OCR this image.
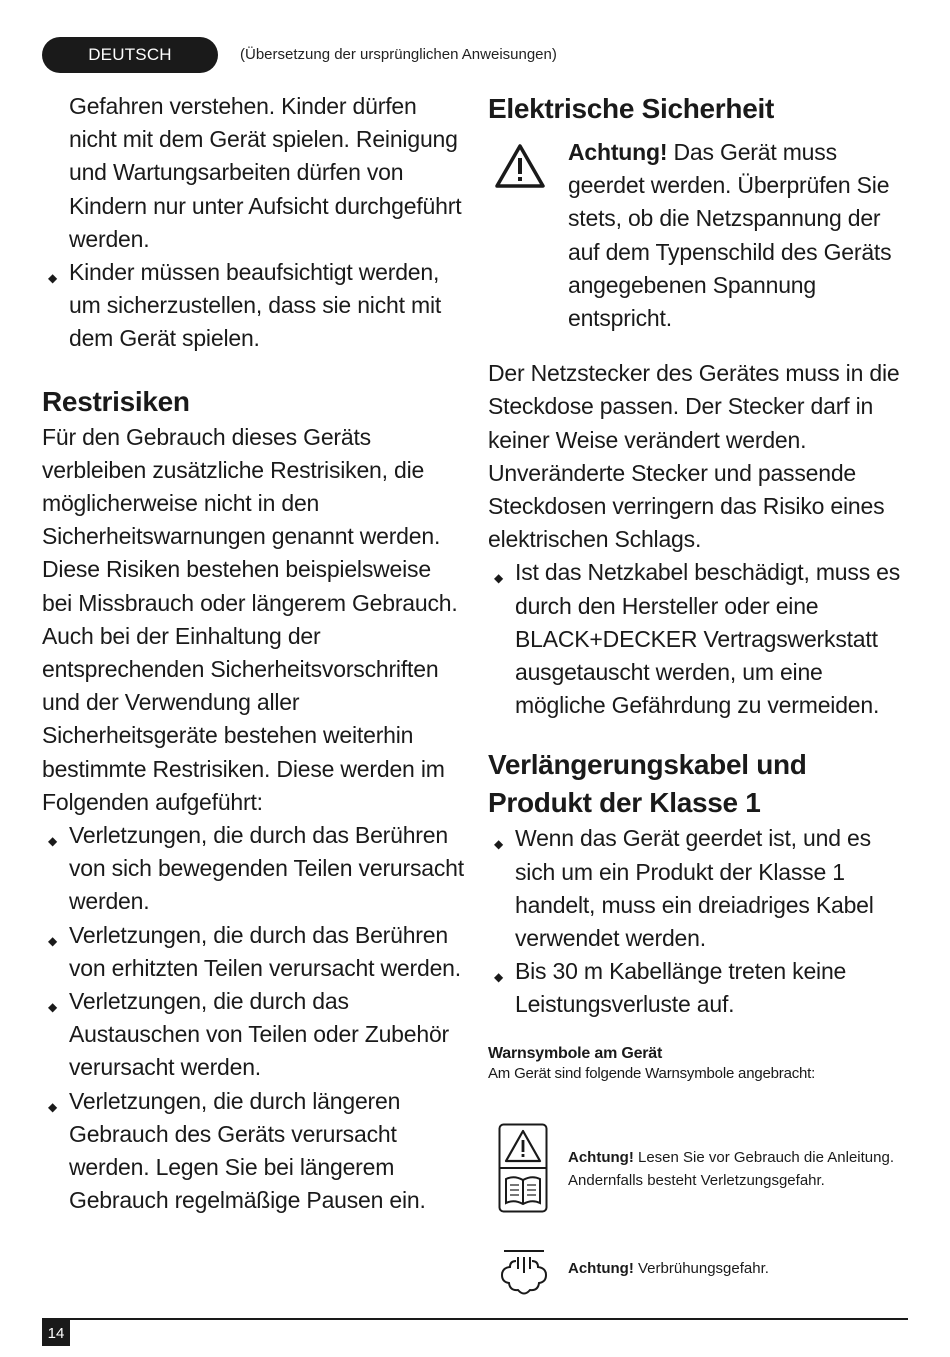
DEUTSCH	(Übersetzung der ursprünglichen Anweisungen)

Gefahren verstehen. Kinder dürfen nicht mit dem Gerät spielen. Reinigung und Wartungsarbeiten dürfen von Kindern nur unter Aufsicht durchgeführt werden.

◆ Kinder müssen beaufsichtigt werden, um sicherzustellen, dass sie nicht mit dem Gerät spielen.
Restrisiken

Für den Gebrauch dieses Geräts verbleiben zusätzliche Restrisiken, die möglicherweise nicht in den Sicherheitswarnungen genannt werden. Diese Risiken bestehen beispielsweise bei Missbrauch oder längerem Gebrauch.

Auch bei der Einhaltung der entsprechenden Sicherheitsvorschriften und der Verwendung aller Sicherheitsgeräte bestehen weiterhin bestimmte Restrisiken. Diese werden im Folgenden aufgeführt:

◆ Verletzungen, die durch das Berühren von sich bewegenden Teilen verursacht werden.
◆ Verletzungen, die durch das Berühren von erhitzten Teilen verursacht werden.
◆ Verletzungen, die durch das Austauschen von Teilen oder Zubehör verursacht werden.
◆ Verletzungen, die durch längeren Gebrauch des Geräts verursacht werden. Legen Sie bei längerem Gebrauch regelmäßige Pausen ein.
Elektrische Sicherheit

Achtung! Das Gerät muss geerdet werden. Überprüfen Sie stets, ob die Netzspannung der auf dem Typenschild des Geräts angegebenen Spannung entspricht.

Der Netzstecker des Gerätes muss in die Steckdose passen. Der Stecker darf in keiner Weise verändert werden. Unveränderte Stecker und passende Steckdosen verringern das Risiko eines elektrischen Schlags.

◆ Ist das Netzkabel beschädigt, muss es durch den Hersteller oder eine BLACK+DECKER Vertragswerkstatt ausgetauscht werden, um eine mögliche Gefährdung zu vermeiden.
Verlängerungskabel und Produkt der Klasse 1
◆ Wenn das Gerät geerdet ist, und es sich um ein Produkt der Klasse 1 handelt, muss ein dreiadriges Kabel verwendet werden.
◆ Bis 30 m Kabellänge treten keine Leistungsverluste auf.
Warnsymbole am Gerät
Am Gerät sind folgende Warnsymbole angebracht:
Achtung! Lesen Sie vor Gebrauch die Anleitung. Andernfalls besteht Verletzungsgefahr.
Achtung! Verbrühungsgefahr.
14
